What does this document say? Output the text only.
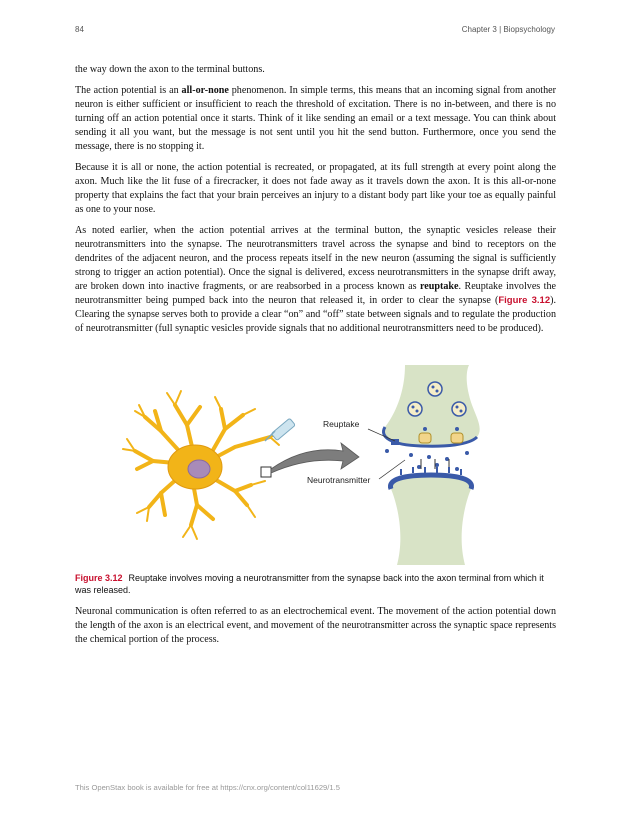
84	Chapter 3 | Biopsychology

the way down the axon to the terminal buttons.

The action potential is an all-or-none phenomenon. In simple terms, this means that an incoming signal from another neuron is either sufficient or insufficient to reach the threshold of excitation. There is no in-between, and there is no turning off an action potential once it starts. Think of it like sending an email or a text message. You can think about sending it all you want, but the message is not sent until you hit the send button. Furthermore, once you send the message, there is no stopping it.

Because it is all or none, the action potential is recreated, or propagated, at its full strength at every point along the axon. Much like the lit fuse of a firecracker, it does not fade away as it travels down the axon. It is this all-or-none property that explains the fact that your brain perceives an injury to a distant body part like your toe as equally painful as one to your nose.

As noted earlier, when the action potential arrives at the terminal button, the synaptic vesicles release their neurotransmitters into the synapse. The neurotransmitters travel across the synapse and bind to receptors on the dendrites of the adjacent neuron, and the process repeats itself in the new neuron (assuming the signal is sufficiently strong to trigger an action potential). Once the signal is delivered, excess neurotransmitters in the synapse drift away, are broken down into inactive fragments, or are reabsorbed in a process known as reuptake. Reuptake involves the neurotransmitter being pumped back into the neuron that released it, in order to clear the synapse (Figure 3.12). Clearing the synapse serves both to provide a clear “on” and “off” state between signals and to regulate the production of neurotransmitter (full synaptic vesicles provide signals that no additional neurotransmitters need to be produced).

Reuptake
Neurotransmitter
Figure 3.12 Reuptake involves moving a neurotransmitter from the synapse back into the axon terminal from which it was released.
Neuronal communication is often referred to as an electrochemical event. The movement of the action potential down the length of the axon is an electrical event, and movement of the neurotransmitter across the synaptic space represents the chemical portion of the process.
This OpenStax book is available for free at https://cnx.org/content/col11629/1.5
